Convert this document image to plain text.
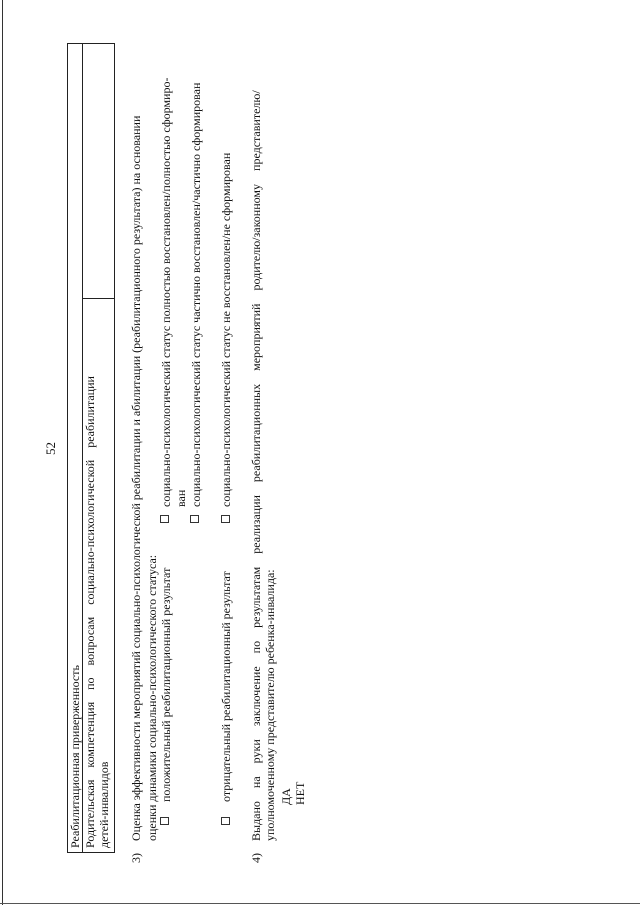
52
Реабилитационная приверженность

Родительская компетенция по вопросам социально-психологической реабилитации детей-инвалидов

3)
Оценка эффективности мероприятий социально-психологической реабилитации и абилитации (реабилитационного результата) на основании оценки динамики социально-психологического статуса: положительный реабилитационный результат
социально-психологический статус полностью восстановлен/полностью сформиро- ван социально-психологический статус частично восстановлен/частично сформирован
отрицательный реабилитационный результат
социально-психологический статус не восстановлен/не сформирован
4)
Выдано на руки заключение по результатам реализации реабилитационных мероприятий родителю/законному представителю/ уполномоченному представителю ребенка-инвалида: ДА НЕТ
